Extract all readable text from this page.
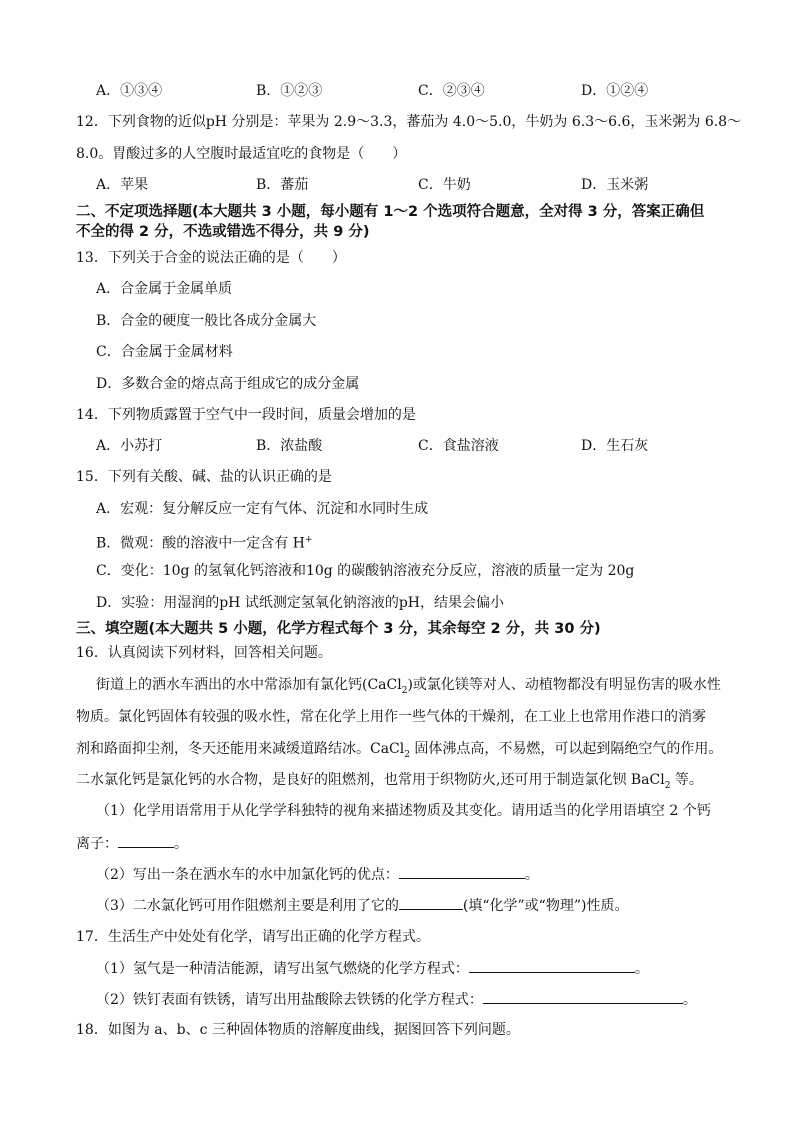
A．①③④	B．①②③	C．②③④	D．①②④
12．下列食物的近似pH 分别是：苹果为 2.9～3.3，蕃茄为 4.0～5.0，牛奶为 6.3～6.6，玉米粥为 6.8～
8.0。胃酸过多的人空腹时最适宜吃的食物是（　　）
A．苹果	B．蕃茄	C．牛奶	D．玉米粥
二、不定项选择题(本大题共 3 小题，每小题有 1～2 个选项符合题意，全对得 3 分，答案正确但
不全的得 2 分，不选或错选不得分，共 9 分)
13．下列关于合金的说法正确的是（　　）
A．合金属于金属单质
B．合金的硬度一般比各成分金属大
C．合金属于金属材料
D．多数合金的熔点高于组成它的成分金属
14．下列物质露置于空气中一段时间，质量会增加的是
A．小苏打	B．浓盐酸	C．食盐溶液	D．生石灰
15．下列有关酸、碱、盐的认识正确的是
A．宏观：复分解反应一定有气体、沉淀和水同时生成
B．微观：酸的溶液中一定含有 H+
C．变化：10g 的氢氧化钙溶液和10g 的碳酸钠溶液充分反应，溶液的质量一定为 20g
D．实验：用湿润的pH 试纸测定氢氧化钠溶液的pH，结果会偏小
三、填空题(本大题共 5 小题，化学方程式每个 3 分，其余每空 2 分，共 30 分)
16．认真阅读下列材料，回答相关问题。
街道上的洒水车洒出的水中常添加有氯化钙(CaCl$_2$)或氯化镁等对人、动植物都没有明显伤害的吸水性
物质。氯化钙固体有较强的吸水性，常在化学上用作一些气体的干燥剂，在工业上也常用作港口的消雾
剂和路面抑尘剂，冬天还能用来减缓道路结冰。CaCl$_2$ 固体沸点高，不易燃，可以起到隔绝空气的作用。
二水氯化钙是氯化钙的水合物，是良好的阻燃剂，也常用于织物防火,还可用于制造氯化钡 BaCl$_2$ 等。
（1）化学用语常用于从化学学科独特的视角来描述物质及其变化。请用适当的化学用语填空 2 个钙
离子：	。
（2）写出一条在洒水车的水中加氯化钙的优点：	。
（3）二水氯化钙可用作阻燃剂主要是利用了它的	(填“化学”或“物理”)性质。
17．生活生产中处处有化学，请写出正确的化学方程式。
（1）氢气是一种清洁能源，请写出氢气燃烧的化学方程式：	。
（2）铁钉表面有铁锈，请写出用盐酸除去铁锈的化学方程式：	。
18．如图为 a、b、c 三种固体物质的溶解度曲线，据图回答下列问题。
